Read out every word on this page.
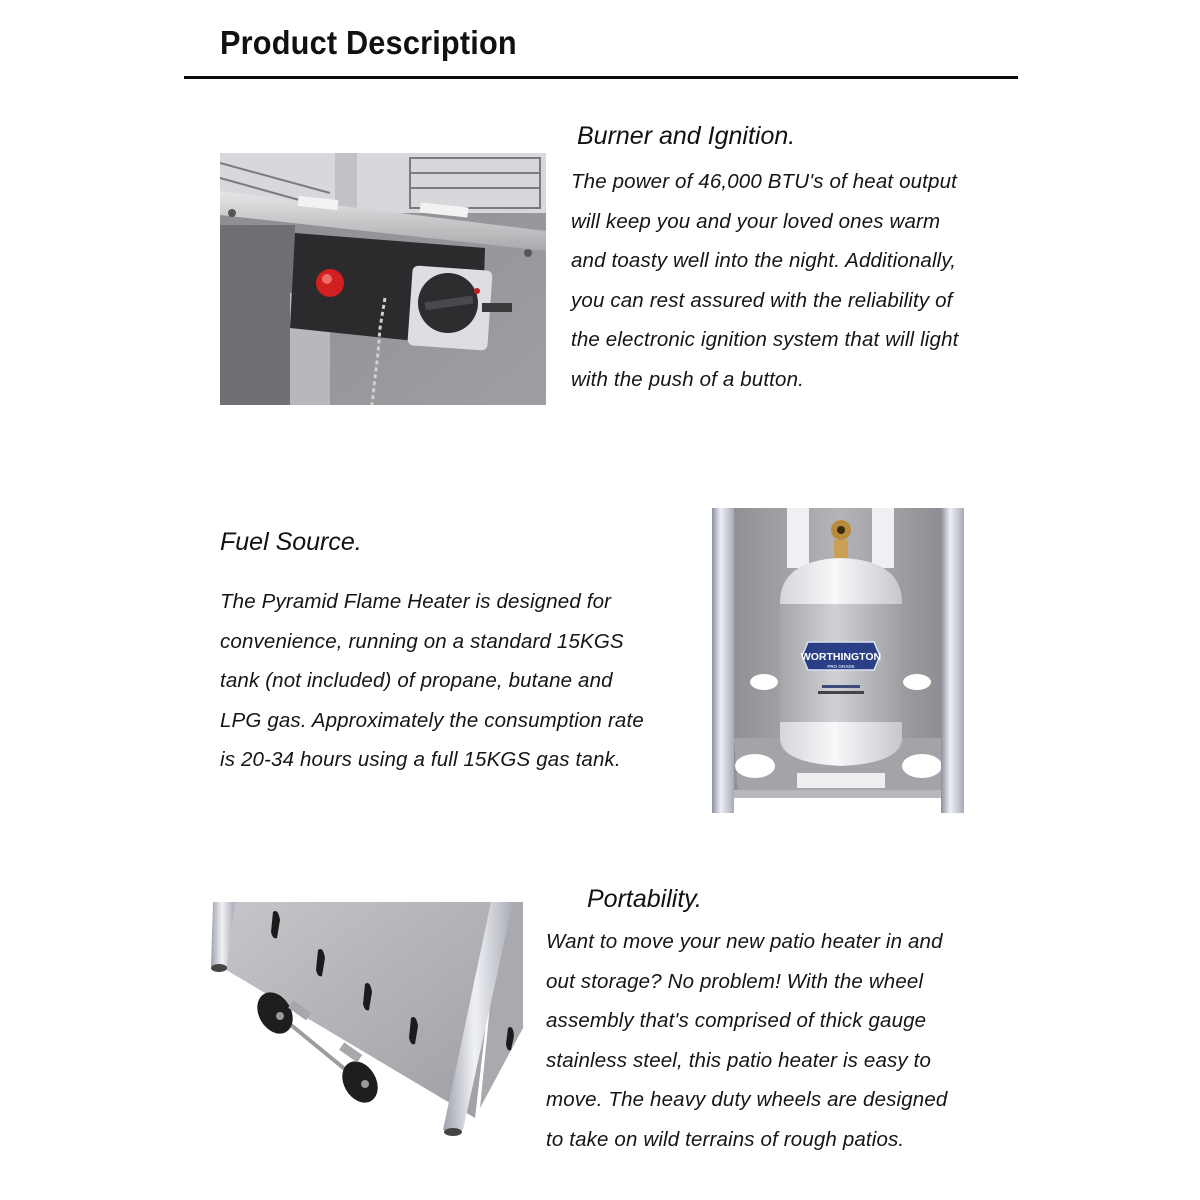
Product Description
Burner and Ignition.
The power of 46,000 BTU's of heat output
will keep you and your loved ones warm
and toasty well into the night. Additionally,
you can rest assured with the reliability of
the electronic ignition system that will light
with the push of a button.
Fuel Source.
The Pyramid Flame Heater is designed for
convenience, running on a standard 15KGS
tank (not included) of propane, butane and
LPG gas. Approximately the consumption rate
is 20-34 hours using a full 15KGS gas tank.
WORTHINGTON
PRO GRADE
Portability.
Want to move your new patio heater in and
out storage? No problem! With the wheel
assembly that's comprised of thick gauge
stainless steel, this patio heater is easy to
move. The heavy duty wheels are designed
to take on wild terrains of rough patios.
